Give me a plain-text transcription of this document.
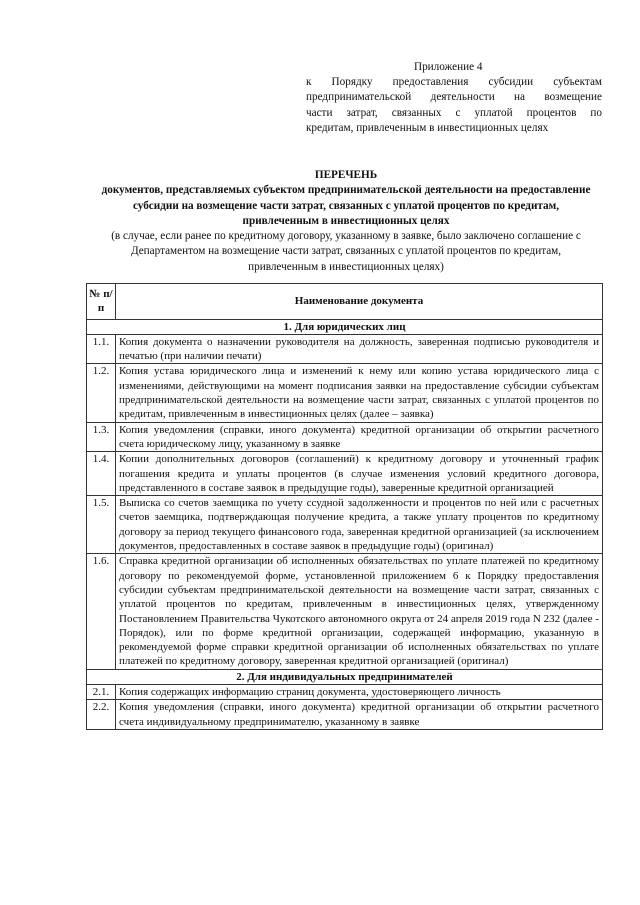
Приложение 4
к Порядку предоставления субсидии субъектам
предпринимательской деятельности на возмещение
части затрат, связанных с уплатой процентов по
кредитам, привлеченным в инвестиционных целях
ПЕРЕЧЕНЬ
документов, представляемых субъектом предпринимательской деятельности на предоставление субсидии на возмещение части затрат, связанных с уплатой процентов по кредитам, привлеченным в инвестиционных целях
(в случае, если ранее по кредитному договору, указанному в заявке, было заключено соглашение с Департаментом на возмещение части затрат, связанных с уплатой процентов по кредитам, привлеченным в инвестиционных целях)
№ п/п	Наименование документа
1. Для юридических лиц	
1.1.	Копия документа о назначении руководителя на должность, заверенная подписью руководителя и печатью (при наличии печати)
1.2.	Копия устава юридического лица и изменений к нему или копию устава юридического лица с изменениями, действующими на момент подписания заявки на предоставление субсидии субъектам предпринимательской деятельности на возмещение части затрат, связанных с уплатой процентов по кредитам, привлеченным в инвестиционных целях (далее – заявка)
1.3.	Копия уведомления (справки, иного документа) кредитной организации об открытии расчетного счета юридическому лицу, указанному в заявке
1.4.	Копии дополнительных договоров (соглашений) к кредитному договору и уточненный график погашения кредита и уплаты процентов (в случае изменения условий кредитного договора, представленного в составе заявок в предыдущие годы), заверенные кредитной организацией
1.5.	Выписка со счетов заемщика по учету ссудной задолженности и процентов по ней или с расчетных счетов заемщика, подтверждающая получение кредита, а также уплату процентов по кредитному договору за период текущего финансового года, заверенная кредитной организацией (за исключением документов, предоставленных в составе заявок в предыдущие годы) (оригинал)
1.6.	Справка кредитной организации об исполненных обязательствах по уплате платежей по кредитному договору по рекомендуемой форме, установленной приложением 6 к Порядку предоставления субсидии субъектам предпринимательской деятельности на возмещение части затрат, связанных с уплатой процентов по кредитам, привлеченным в инвестиционных целях, утвержденному Постановлением Правительства Чукотского автономного округа от 24 апреля 2019 года N 232 (далее - Порядок), или по форме кредитной организации, содержащей информацию, указанную в рекомендуемой форме справки кредитной организации об исполненных обязательствах по уплате платежей по кредитному договору, заверенная кредитной организацией (оригинал)
2. Для индивидуальных предпринимателей	
2.1.	Копия содержащих информацию страниц документа, удостоверяющего личность
2.2.	Копия уведомления (справки, иного документа) кредитной организации об открытии расчетного счета индивидуальному предпринимателю, указанному в заявке
